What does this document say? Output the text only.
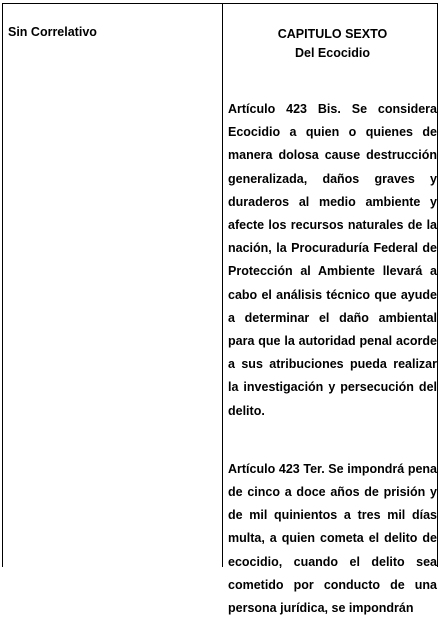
Sin Correlativo	CAPITULO SEXTO

Del Ecocidio

Artículo 423 Bis. Se considera Ecocidio a quien o quienes de manera dolosa cause destrucción generalizada, daños graves y duraderos al medio ambiente y afecte los recursos naturales de la nación, la Procuraduría Federal de Protección al Ambiente llevará a cabo el análisis técnico que ayude a determinar el daño ambiental para que la autoridad penal acorde a sus atribuciones pueda realizar la investigación y persecución del delito.

Artículo 423 Ter. Se impondrá pena de cinco a doce años de prisión y de mil quinientos a tres mil días multa, a quien cometa el delito de ecocidio, cuando el delito sea cometido por conducto de una persona jurídica, se impondrán
